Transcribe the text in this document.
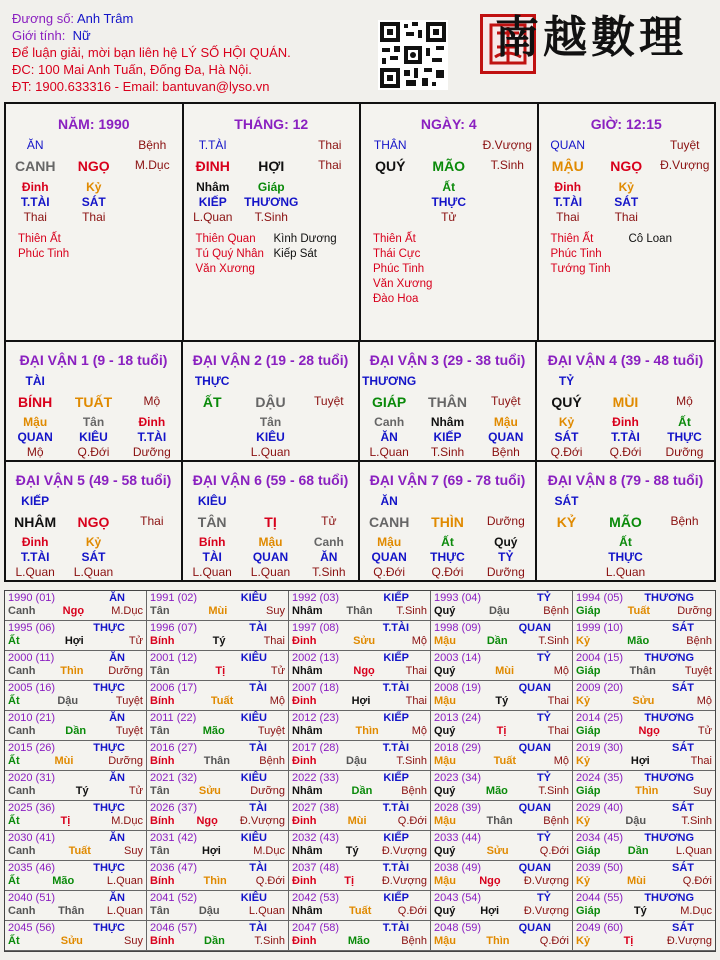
Đương số: Anh Trâm
Giới tính: Nữ
Để luận giải, mời bạn liên hệ LÝ SỐ HỘI QUÁN.
ĐC: 100 Mai Anh Tuấn, Đống Đa, Hà Nội.
ĐT: 1900.633316 - Email: bantuvan@lyso.vn
南越數理
NĂM: 1990
ĂN	Bệnh
CANH	NGỌ	M.Dục
Đinh	Kỷ
T.TÀI	SÁT
Thai	Thai
Thiên Ất
Phúc Tinh
THÁNG: 12
T.TÀI	Thai
ĐINH	HỢI	Thai
Nhâm	Giáp
KIẾP	THƯƠNG
L.Quan	T.Sinh
Thiên Quan
Tú Quý Nhân
Văn Xương
Kình Dương
Kiếp Sát
NGÀY: 4
THÂN	Đ.Vượng
QUÝ	MÃO	T.Sinh
Ất
THỰC
Tử
Thiên Ất
Thái Cực
Phúc Tinh
Văn Xương
Đào Hoa
GIỜ: 12:15
QUAN	Tuyệt
MẬU	NGỌ	Đ.Vượng
Đinh	Kỷ
T.TÀI	SÁT
Thai	Thai
Thiên Ất
Phúc Tinh
Tướng Tinh
Cô Loan
ĐẠI VẬN 1 (9 - 18 tuổi)
TÀI
BÍNH	TUẤT	Mộ
Mậu	Tân	Đinh
QUAN	KIÊU	T.TÀI
Mộ	Q.Đới	Dưỡng
ĐẠI VẬN 2 (19 - 28 tuổi)
THỰC
ẤT	DẬU	Tuyệt
Tân
KIÊU
L.Quan
ĐẠI VẬN 3 (29 - 38 tuổi)
THƯƠNG
GIÁP	THÂN	Tuyệt
Canh	Nhâm	Mậu
ĂN	KIẾP	QUAN
L.Quan	T.Sinh	Bệnh
ĐẠI VẬN 4 (39 - 48 tuổi)
TỶ
QUÝ	MÙI	Mộ
Kỷ	Đinh	Ất
SÁT	T.TÀI	THỰC
Q.Đới	Q.Đới	Dưỡng
ĐẠI VẬN 5 (49 - 58 tuổi)
KIẾP
NHÂM	NGỌ	Thai
Đinh	Kỷ
T.TÀI	SÁT
L.Quan	L.Quan
ĐẠI VẬN 6 (59 - 68 tuổi)
KIÊU
TÂN	TỊ	Tử
Bính	Mậu	Canh
TÀI	QUAN	ĂN
L.Quan	L.Quan	T.Sinh
ĐẠI VẬN 7 (69 - 78 tuổi)
ĂN
CANH	THÌN	Dưỡng
Mậu	Ất	Quý
QUAN	THỰC	TỶ
Q.Đới	Q.Đới	Dưỡng
ĐẠI VẬN 8 (79 - 88 tuổi)
SÁT
KỶ	MÃO	Bệnh
Ất
THỰC
L.Quan
1990 (01)	ĂN
Canh Ngọ M.Dục
1991 (02)	KIÊU
Tân	Mùi	Suy
1992 (03)	KIẾP
Nhâm Thân T.Sinh
1993 (04)	TỶ
Quý	Dậu	Bệnh
1994 (05) THƯƠNG
Giáp Tuất Dưỡng
1995 (06)	THỰC
Ất	Hợi	Tử
1996 (07)	TÀI
Bính	Tý	Thai
1997 (08)	T.TÀI
Đinh	Sửu	Mộ
1998 (09)	QUAN
Mậu	Dần	T.Sinh
1999 (10)	SÁT
Kỷ	Mão	Bệnh
2000 (11)	ĂN
Canh Thìn Dưỡng
2001 (12)	KIÊU
Tân	Tị	Tử
2002 (13)	KIẾP
Nhâm	Ngọ	Thai
2003 (14)	TỶ
Quý	Mùi	Mộ
2004 (15) THƯƠNG
Giáp	Thân	Tuyệt
2005 (16)	THỰC
Ất	Dậu	Tuyệt
2006 (17)	TÀI
Bính	Tuất	Mộ
2007 (18)	T.TÀI
Đinh	Hợi	Thai
2008 (19)	QUAN
Mậu	Tý	Thai
2009 (20)	SÁT
Kỷ	Sửu	Mộ
2010 (21)	ĂN
Canh	Dần	Tuyệt
2011 (22)	KIÊU
Tân	Mão	Tuyệt
2012 (23)	KIẾP
Nhâm	Thìn	Mộ
2013 (24)	TỶ
Quý	Tị	Thai
2014 (25) THƯƠNG
Giáp	Ngọ	Tử
2015 (26)	THỰC
Ất	Mùi	Dưỡng
2016 (27)	TÀI
Bính	Thân	Bệnh
2017 (28)	T.TÀI
Đinh	Dậu	T.Sinh
2018 (29)	QUAN
Mậu	Tuất	Mộ
2019 (30)	SÁT
Kỷ	Hợi	Thai
2020 (31)	ĂN
Canh	Tý	Tử
2021 (32)	KIÊU
Tân	Sửu	Dưỡng
2022 (33)	KIẾP
Nhâm	Dần	Bệnh
2023 (34)	TỶ
Quý	Mão	T.Sinh
2024 (35) THƯƠNG
Giáp	Thìn	Suy
2025 (36)	THỰC
Ất	Tị	M.Dục
2026 (37)	TÀI
Bính Ngọ Đ.Vượng
2027 (38)	T.TÀI
Đinh	Mùi	Q.Đới
2028 (39)	QUAN
Mậu	Thân	Bệnh
2029 (40)	SÁT
Kỷ	Dậu	T.Sinh
2030 (41)	ĂN
Canh	Tuất	Suy
2031 (42)	KIÊU
Tân	Hợi	M.Dục
2032 (43)	KIẾP
Nhâm Tý Đ.Vượng
2033 (44)	TỶ
Quý	Sửu	Q.Đới
2034 (45) THƯƠNG
Giáp Dần L.Quan
2035 (46)	THỰC
Ất	Mão	L.Quan
2036 (47)	TÀI
Bính	Thìn	Q.Đới
2037 (48)	T.TÀI
Đinh	Tị	Đ.Vượng
2038 (49)	QUAN
Mậu Ngọ Đ.Vượng
2039 (50)	SÁT
Kỷ	Mùi	Q.Đới
2040 (51)	ĂN
Canh Thân L.Quan
2041 (52)	KIÊU
Tân	Dậu	L.Quan
2042 (53)	KIẾP
Nhâm Tuất Q.Đới
2043 (54)	TỶ
Quý Hợi Đ.Vượng
2044 (55) THƯƠNG
Giáp	Tý	M.Dục
2045 (56)	THỰC
Ất	Sửu	Suy
2046 (57)	TÀI
Bính	Dần	T.Sinh
2047 (58)	T.TÀI
Đinh	Mão	Bệnh
2048 (59)	QUAN
Mậu	Thìn	Q.Đới
2049 (60)	SÁT
Kỷ	Tị	Đ.Vượng
